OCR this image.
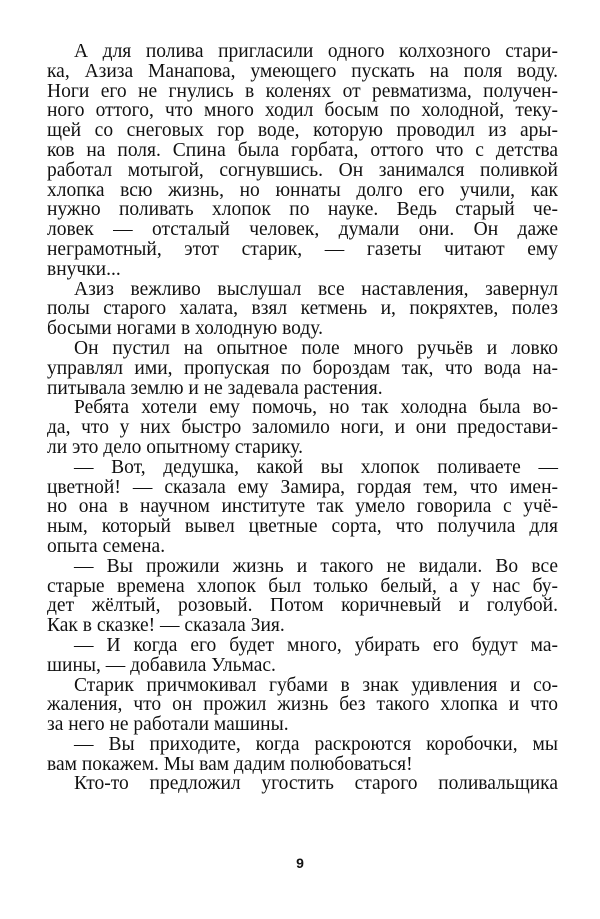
А для полива пригласили одного колхозного стари-
ка, Азиза Манапова, умеющего пускать на поля воду.
Ноги его не гнулись в коленях от ревматизма, получен-
ного оттого, что много ходил босым по холодной, теку-
щей со снеговых гор воде, которую проводил из ары-
ков на поля. Спина была горбата, оттого что с детства
работал мотыгой, согнувшись. Он занимался поливкой
хлопка всю жизнь, но юннаты долго его учили, как
нужно поливать хлопок по науке. Ведь старый че-
ловек — отсталый человек, думали они. Он даже
неграмотный, этот старик, — газеты читают ему
внучки...
Азиз вежливо выслушал все наставления, завернул
полы старого халата, взял кетмень и, покряхтев, полез
босыми ногами в холодную воду.
Он пустил на опытное поле много ручьёв и ловко
управлял ими, пропуская по бороздам так, что вода на-
питывала землю и не задевала растения.
Ребята хотели ему помочь, но так холодна была во-
да, что у них быстро заломило ноги, и они предостави-
ли это дело опытному старику.
— Вот, дедушка, какой вы хлопок поливаете —
цветной! — сказала ему Замира, гордая тем, что имен-
но она в научном институте так умело говорила с учё-
ным, который вывел цветные сорта, что получила для
опыта семена.
— Вы прожили жизнь и такого не видали. Во все
старые времена хлопок был только белый, а у нас бу-
дет жёлтый, розовый. Потом коричневый и голубой.
Как в сказке! — сказала Зия.
— И когда его будет много, убирать его будут ма-
шины, — добавила Ульмас.
Старик причмокивал губами в знак удивления и со-
жаления, что он прожил жизнь без такого хлопка и что
за него не работали машины.
— Вы приходите, когда раскроются коробочки, мы
вам покажем. Мы вам дадим полюбоваться!
Кто-то предложил угостить старого поливальщика
9
